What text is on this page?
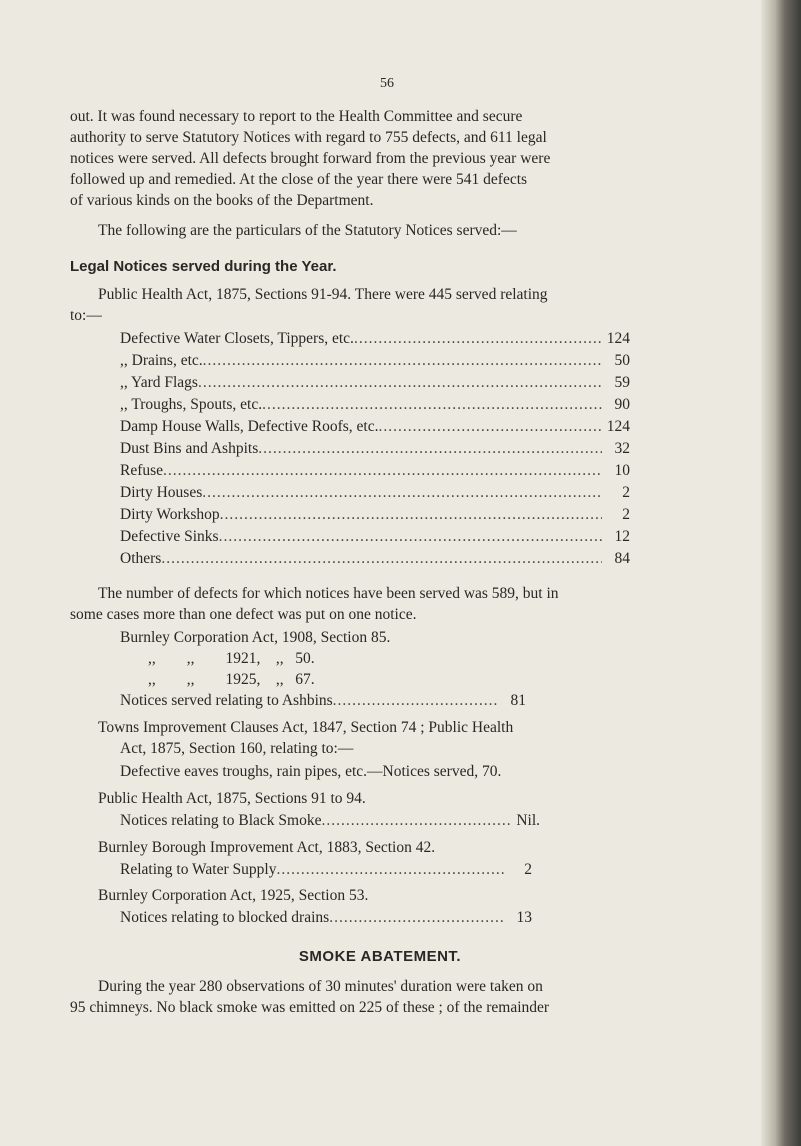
56
out. It was found necessary to report to the Health Committee and secure
authority to serve Statutory Notices with regard to 755 defects, and 611 legal
notices were served. All defects brought forward from the previous year were
followed up and remedied. At the close of the year there were 541 defects
of various kinds on the books of the Department.
The following are the particulars of the Statutory Notices served:—
Legal Notices served during the Year.
Public Health Act, 1875, Sections 91-94. There were 445 served relating
to:—
Defective Water Closets, Tippers, etc. .....	124
,, Drains, etc. .....	50
,, Yard Flags .....	59
,, Troughs, Spouts, etc. .....	90
Damp House Walls, Defective Roofs, etc. .....	124
Dust Bins and Ashpits .....	32
Refuse .....	10
Dirty Houses .....	2
Dirty Workshop .....	2
Defective Sinks .....	12
Others .....	84
The number of defects for which notices have been served was 589, but in
some cases more than one defect was put on one notice.
Burnley Corporation Act, 1908, Section 85.
,,        ,,        1921,    ,,   50.
,,        ,,        1925,    ,,   67.
Notices served relating to Ashbins .....	81
Towns Improvement Clauses Act, 1847, Section 74 ; Public Health
Act, 1875, Section 160, relating to:—
Defective eaves troughs, rain pipes, etc.—Notices served, 70.
Public Health Act, 1875, Sections 91 to 94.
Notices relating to Black Smoke .....	Nil.
Burnley Borough Improvement Act, 1883, Section 42.
Relating to Water Supply .....	2
Burnley Corporation Act, 1925, Section 53.
Notices relating to blocked drains .....	13
SMOKE ABATEMENT.
During the year 280 observations of 30 minutes' duration were taken on
95 chimneys. No black smoke was emitted on 225 of these ; of the remainder
